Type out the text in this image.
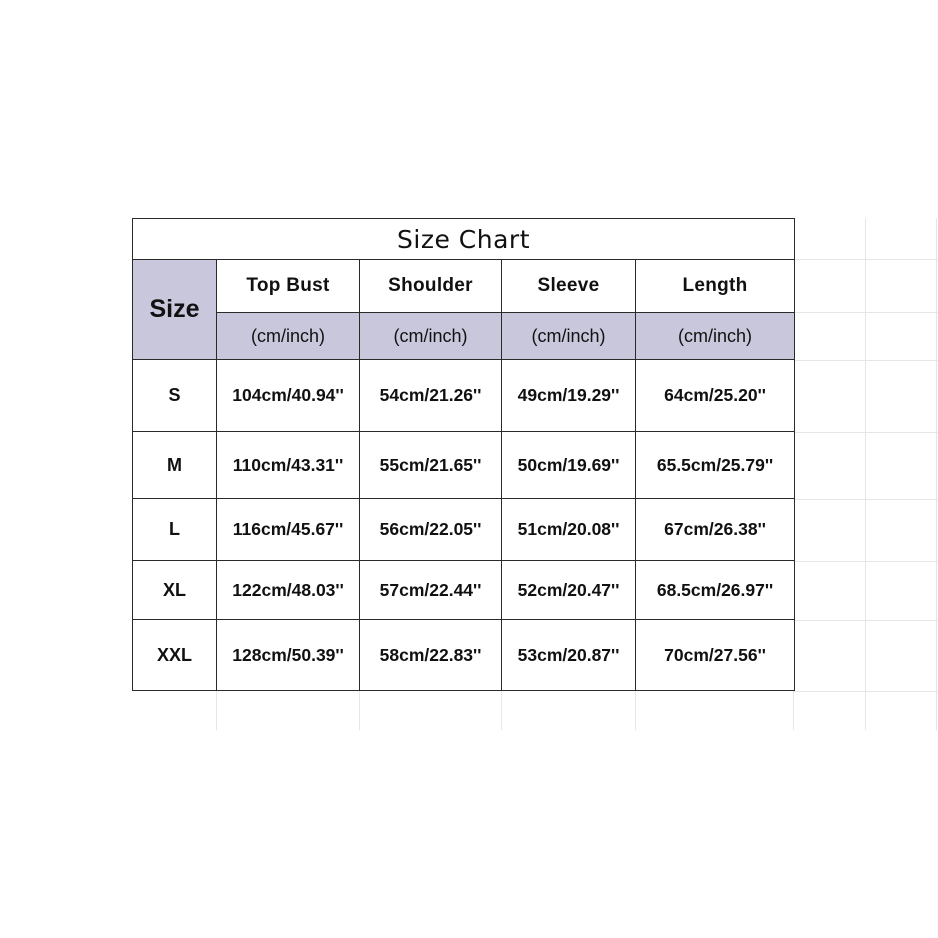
Size Chart				
Size	Top Bust	Shoulder	Sleeve	Length
	(cm/inch)	(cm/inch)	(cm/inch)	(cm/inch)
S	104cm/40.94''	54cm/21.26''	49cm/19.29''	64cm/25.20''
M	110cm/43.31''	55cm/21.65''	50cm/19.69''	65.5cm/25.79''
L	116cm/45.67''	56cm/22.05''	51cm/20.08''	67cm/26.38''
XL	122cm/48.03''	57cm/22.44''	52cm/20.47''	68.5cm/26.97''
XXL	128cm/50.39''	58cm/22.83''	53cm/20.87''	70cm/27.56''
